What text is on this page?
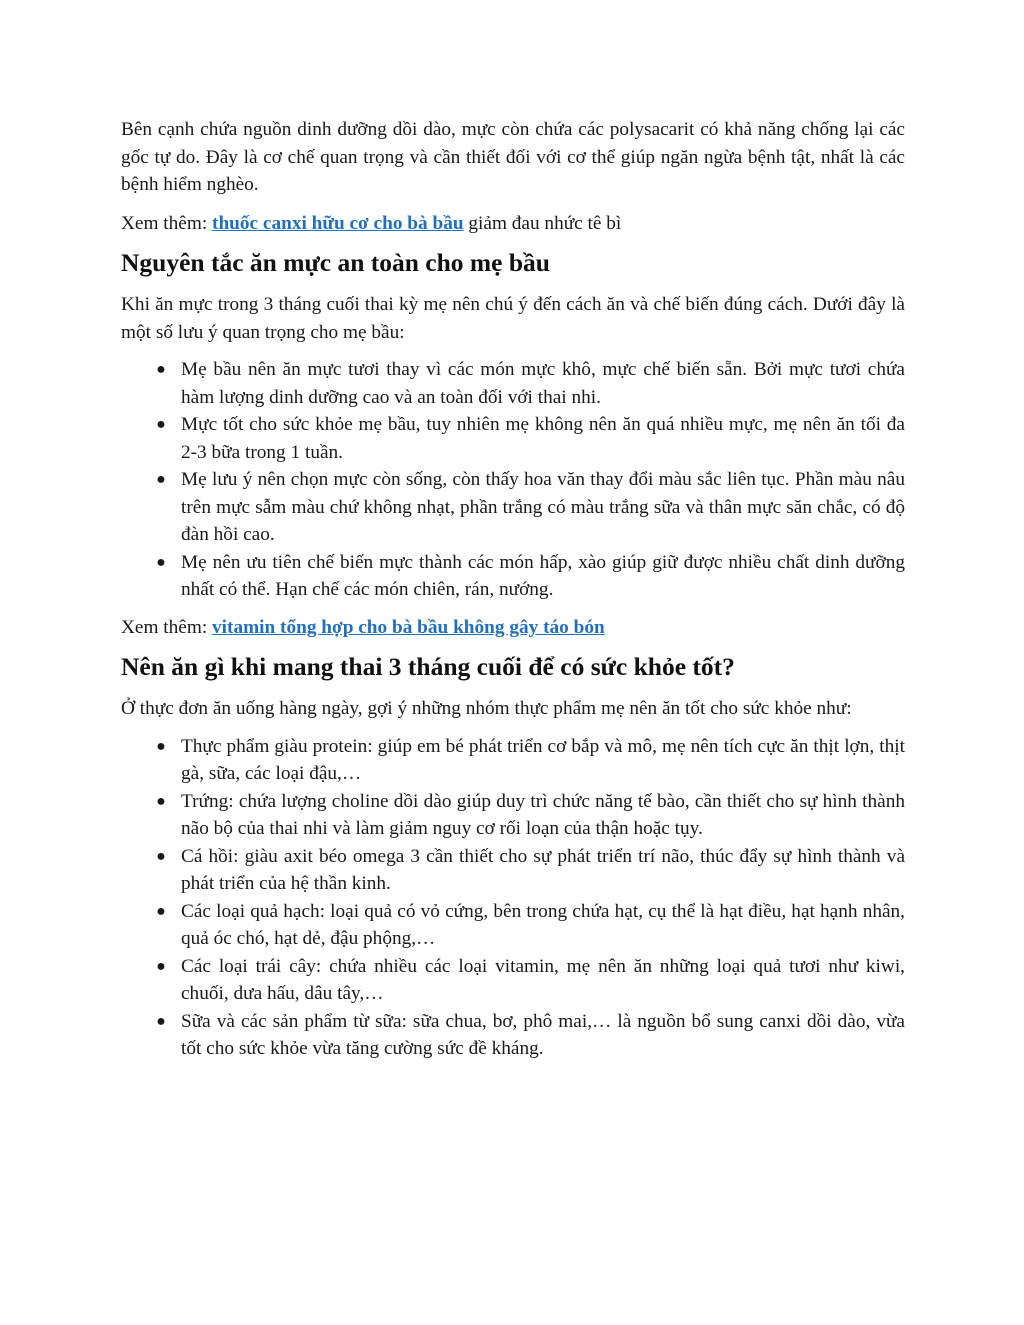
Bên cạnh chứa nguồn dinh dưỡng dồi dào, mực còn chứa các polysacarit có khả năng chống lại các gốc tự do. Đây là cơ chế quan trọng và cần thiết đối với cơ thể giúp ngăn ngừa bệnh tật, nhất là các bệnh hiểm nghèo.

Xem thêm: thuốc canxi hữu cơ cho bà bầu giảm đau nhức tê bì

Nguyên tắc ăn mực an toàn cho mẹ bầu

Khi ăn mực trong 3 tháng cuối thai kỳ mẹ nên chú ý đến cách ăn và chế biến đúng cách. Dưới đây là một số lưu ý quan trọng cho mẹ bầu:

● Mẹ bầu nên ăn mực tươi thay vì các món mực khô, mực chế biến sẵn. Bởi mực tươi chứa hàm lượng dinh dưỡng cao và an toàn đối với thai nhi.
● Mực tốt cho sức khỏe mẹ bầu, tuy nhiên mẹ không nên ăn quá nhiều mực, mẹ nên ăn tối đa 2-3 bữa trong 1 tuần.
● Mẹ lưu ý nên chọn mực còn sống, còn thấy hoa văn thay đổi màu sắc liên tục. Phần màu nâu trên mực sẫm màu chứ không nhạt, phần trắng có màu trắng sữa và thân mực săn chắc, có độ đàn hồi cao.
● Mẹ nên ưu tiên chế biến mực thành các món hấp, xào giúp giữ được nhiều chất dinh dưỡng nhất có thể. Hạn chế các món chiên, rán, nướng.

Xem thêm: vitamin tổng hợp cho bà bầu không gây táo bón

Nên ăn gì khi mang thai 3 tháng cuối để có sức khỏe tốt?

Ở thực đơn ăn uống hàng ngày, gợi ý những nhóm thực phẩm mẹ nên ăn tốt cho sức khỏe như:

● Thực phẩm giàu protein: giúp em bé phát triển cơ bắp và mô, mẹ nên tích cực ăn thịt lợn, thịt gà, sữa, các loại đậu,…
● Trứng: chứa lượng choline dồi dào giúp duy trì chức năng tế bào, cần thiết cho sự hình thành não bộ của thai nhi và làm giảm nguy cơ rối loạn của thận hoặc tụy.
● Cá hồi: giàu axit béo omega 3 cần thiết cho sự phát triển trí não, thúc đẩy sự hình thành và phát triển của hệ thần kinh.
● Các loại quả hạch: loại quả có vỏ cứng, bên trong chứa hạt, cụ thể là hạt điều, hạt hạnh nhân, quả óc chó, hạt dẻ, đậu phộng,…
● Các loại trái cây: chứa nhiều các loại vitamin, mẹ nên ăn những loại quả tươi như kiwi, chuối, dưa hấu, dâu tây,…
● Sữa và các sản phẩm từ sữa: sữa chua, bơ, phô mai,… là nguồn bổ sung canxi dồi dào, vừa tốt cho sức khỏe vừa tăng cường sức đề kháng.
